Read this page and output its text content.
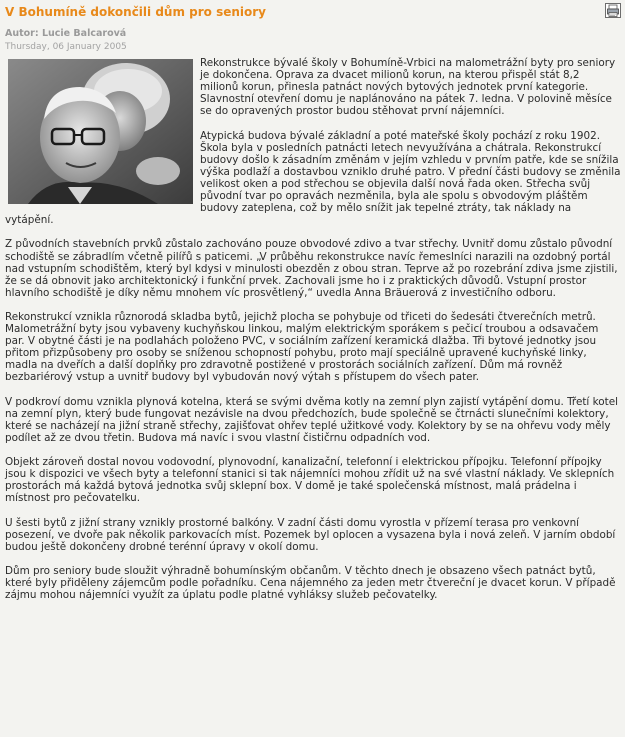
V Bohumíně dokončili dům pro seniory
Autor: Lucie Balcarová
Thursday, 06 January 2005

Rekonstrukce bývalé školy v Bohumíně-Vrbici na malometrážní byty pro seniory je dokončena. Oprava za dvacet milionů korun, na kterou přispěl stát 8,2 milionů korun, přinesla patnáct nových bytových jednotek první kategorie. Slavnostní otevření domu je naplánováno na pátek 7. ledna. V polovině měsíce se do opravených prostor budou stěhovat první nájemníci.

Atypická budova bývalé základní a poté mateřské školy pochází z roku 1902. Škola byla v posledních patnácti letech nevyužívána a chátrala. Rekonstrukcí budovy došlo k zásadním změnám v jejím vzhledu v prvním patře, kde se snížila výška podlaží a dostavbou vzniklo druhé patro. V přední části budovy se změnila velikost oken a pod střechou se objevila další nová řada oken. Střecha svůj původní tvar po opravách nezměnila, byla ale spolu s obvodovým pláštěm budovy zateplena, což by mělo snížit jak tepelné ztráty, tak náklady na vytápění.

Z původních stavebních prvků zůstalo zachováno pouze obvodové zdivo a tvar střechy. Uvnitř domu zůstalo původní schodiště se zábradlím včetně pilířů s paticemi. „V průběhu rekonstrukce navíc řemeslníci narazili na ozdobný portál nad vstupním schodištěm, který byl kdysi v minulosti obezděn z obou stran. Teprve až po rozebrání zdiva jsme zjistili, že se dá obnovit jako architektonický i funkční prvek. Zachovali jsme ho i z praktických důvodů. Vstupní prostor hlavního schodiště je díky němu mnohem víc prosvětlený,“ uvedla Anna Bräuerová z investičního odboru.

Rekonstrukcí vznikla různorodá skladba bytů, jejichž plocha se pohybuje od třiceti do šedesáti čtverečních metrů. Malometrážní byty jsou vybaveny kuchyňskou linkou, malým elektrickým sporákem s pečicí troubou a odsavačem par. V obytné části je na podlahách položeno PVC, v sociálním zařízení keramická dlažba. Tři bytové jednotky jsou přitom přizpůsobeny pro osoby se sníženou schopností pohybu, proto mají speciálně upravené kuchyňské linky, madla na dveřích a další doplňky pro zdravotně postižené v prostorách sociálních zařízení. Dům má rovněž bezbariérový vstup a uvnitř budovy byl vybudován nový výtah s přístupem do všech pater.

V podkroví domu vznikla plynová kotelna, která se svými dvěma kotly na zemní plyn zajistí vytápění domu. Třetí kotel na zemní plyn, který bude fungovat nezávisle na dvou předchozích, bude společně se čtrnácti slunečními kolektory, které se nacházejí na jižní straně střechy, zajišťovat ohřev teplé užitkové vody. Kolektory by se na ohřevu vody měly podílet až ze dvou třetin. Budova má navíc i svou vlastní čističrnu odpadních vod.

Objekt zároveň dostal novou vodovodní, plynovodní, kanalizační, telefonní i elektrickou přípojku. Telefonní přípojky jsou k dispozici ve všech byty a telefonní stanici si tak nájemníci mohou zřídit už na své vlastní náklady. Ve sklepních prostorách má každá bytová jednotka svůj sklepní box. V domě je také společenská místnost, malá prádelna i místnost pro pečovatelku.

U šesti bytů z jižní strany vznikly prostorné balkóny. V zadní části domu vyrostla v přízemí terasa pro venkovní posezení, ve dvoře pak několik parkovacích míst. Pozemek byl oplocen a vysazena byla i nová zeleň. V jarním období budou ještě dokončeny drobné terénní úpravy v okolí domu.

Dům pro seniory bude sloužit výhradně bohumínským občanům. V těchto dnech je obsazeno všech patnáct bytů, které byly přiděleny zájemcům podle pořadníku. Cena nájemného za jeden metr čtvereční je dvacet korun. V případě zájmu mohou nájemníci využít za úplatu podle platné vyhláksy služeb pečovatelky.
